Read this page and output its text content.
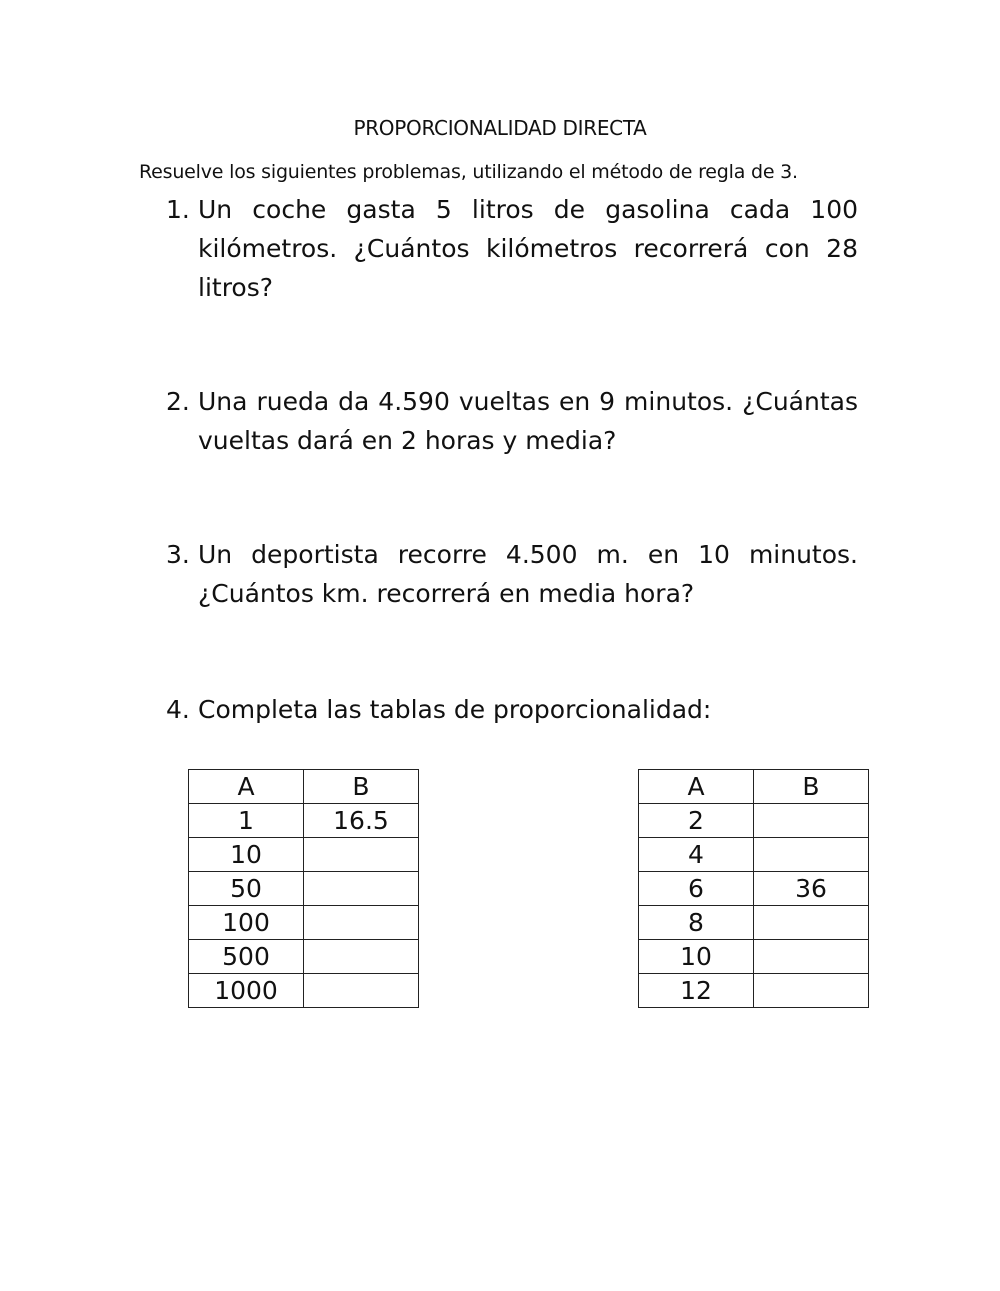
PROPORCIONALIDAD DIRECTA
Resuelve los siguientes problemas, utilizando el método de regla de 3.
1. Un coche gasta 5 litros de gasolina cada 100 kilómetros. ¿Cuántos kilómetros recorrerá con 28 litros?
2. Una rueda da 4.590 vueltas en 9 minutos. ¿Cuántas vueltas dará en 2 horas y media?
3. Un deportista recorre 4.500 m. en 10 minutos. ¿Cuántos km. recorrerá en media hora?
4. Completa las tablas de proporcionalidad:
A	B
1	16.5
10	
50	
100	
500	
1000	
A	B
2	
4	
6	36
8	
10	
12	
